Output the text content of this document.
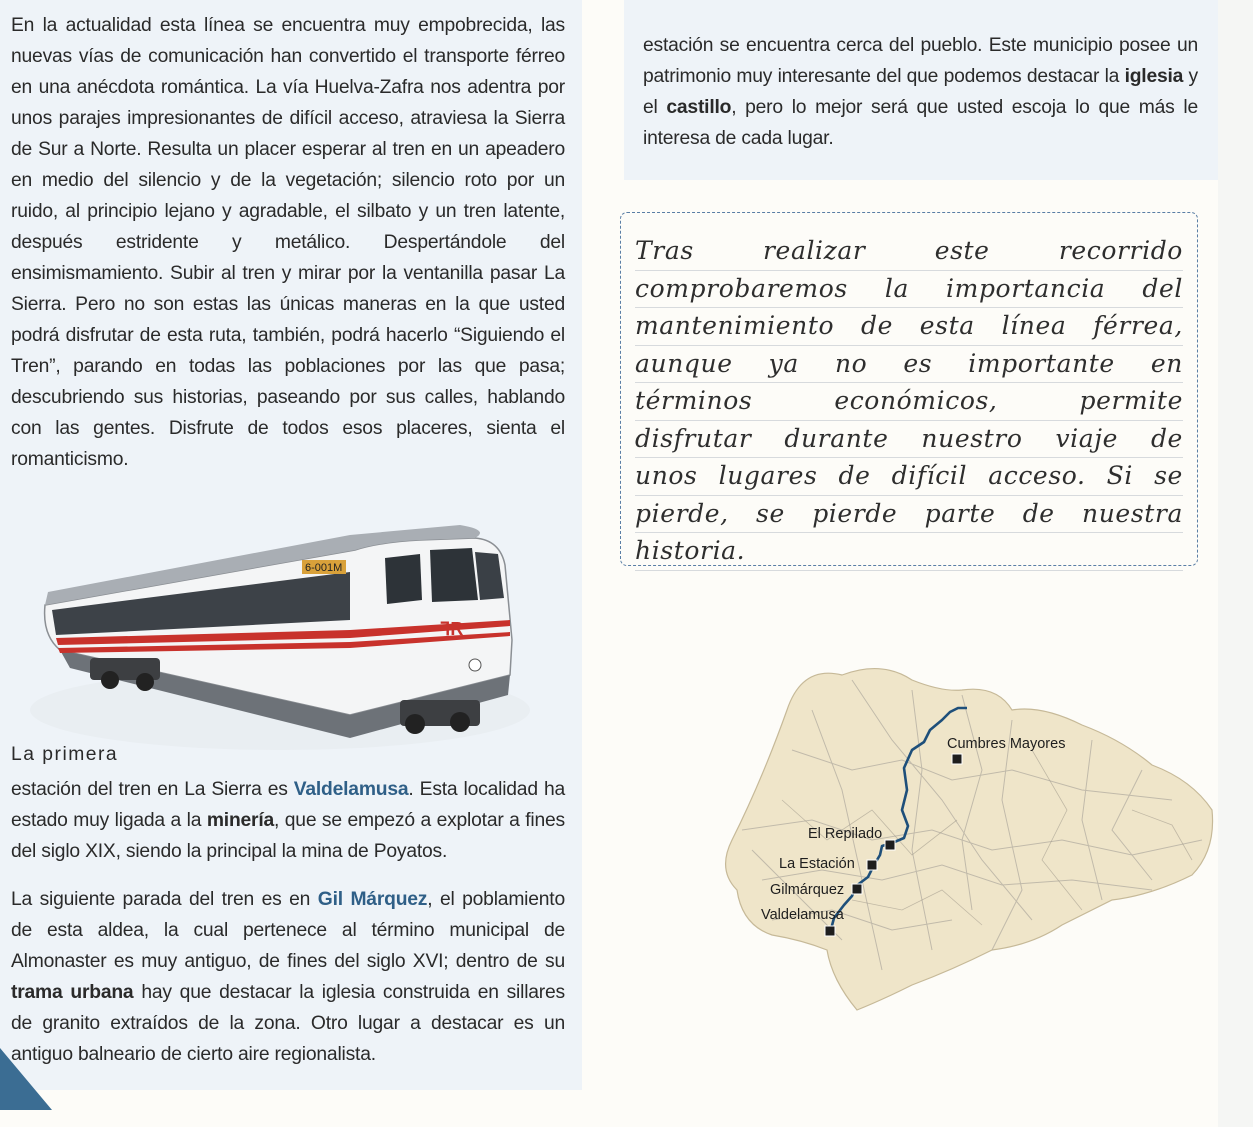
En la actualidad esta línea se encuentra muy empobrecida, las nuevas vías de comunicación han convertido el transporte férreo en una anécdota romántica. La vía Huelva-Zafra nos adentra por unos parajes impresionantes de difícil acceso, atraviesa la Sierra de Sur a Norte. Resulta un placer esperar al tren en un apeadero en medio del silencio y de la vegetación; silencio roto por un ruido, al principio lejano y agradable, el silbato y un tren latente, después estridente y metálico. Despertándole del ensimismamiento. Subir al tren y mirar por la ventanilla pasar La Sierra. Pero no son estas las únicas maneras en la que usted podrá disfrutar de esta ruta, también, podrá hacerlo “Siguiendo el Tren”, parando en todas las poblaciones por las que pasa; descubriendo sus historias, paseando por sus calles, hablando con las gentes. Disfrute de todos esos placeres, sienta el romanticismo.

estación se encuentra cerca del pueblo. Este municipio posee un patrimonio muy interesante del que podemos destacar la iglesia y el castillo, pero lo mejor será que usted escoja lo que más le interesa de cada lugar.

6-001M
ꟻR
La primera

estación del tren en La Sierra es Valdelamusa. Esta localidad ha estado muy ligada a la minería, que se empezó a explotar a fines del siglo XIX, siendo la principal la mina de Poyatos.

La siguiente parada del tren es en Gil Márquez, el poblamiento de esta aldea, la cual pertenece al término municipal de Almonaster es muy antiguo, de fines del siglo XVI; dentro de su trama urbana hay que destacar la iglesia construida en sillares de granito extraídos de la zona. Otro lugar a destacar es un antiguo balneario de cierto aire regionalista.

Tras	realizar	este	recorrido
comprobaremos la importancia del
mantenimiento de esta línea férrea,
aunque ya no es importante en
términos	económicos,	permite
disfrutar durante nuestro viaje de
unos lugares de difícil acceso. Si se
pierde, se pierde parte de nuestra
historia.
Cumbres Mayores
El Repilado
La Estación
Gilmárquez
Valdelamusa
